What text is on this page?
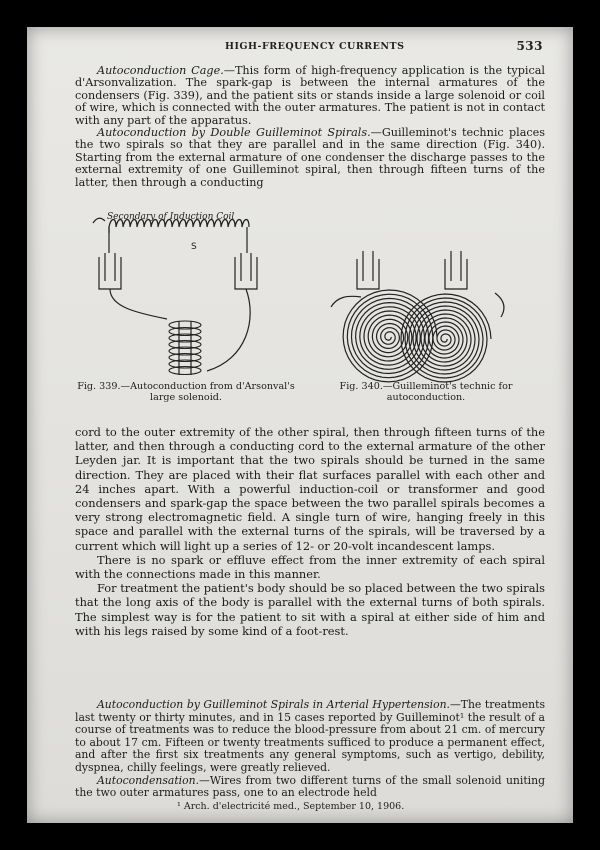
HIGH-FREQUENCY CURRENTS	533

Autoconduction Cage.—This form of high-frequency application is the typical d'Arsonvalization. The spark-gap is between the internal armatures of the condensers (Fig. 339), and the patient sits or stands inside a large solenoid or coil of wire, which is connected with the outer armatures. The patient is not in contact with any part of the apparatus.

Autoconduction by Double Guilleminot Spirals.—Guilleminot's technic places the two spirals so that they are parallel and in the same direction (Fig. 340). Starting from the external armature of one condenser the discharge passes to the external extremity of one Guilleminot spiral, then through fifteen turns of the latter, then through a conducting

S
Secondary of Induction Coil
Fig. 339.—Autoconduction from d'Arsonval's large solenoid.
Fig. 340.—Guilleminot's technic for autoconduction.

cord to the outer extremity of the other spiral, then through fifteen turns of the latter, and then through a conducting cord to the external armature of the other Leyden jar. It is important that the two spirals should be turned in the same direction. They are placed with their flat surfaces parallel with each other and 24 inches apart. With a powerful induction-coil or transformer and good condensers and spark-gap the space between the two parallel spirals becomes a very strong electromagnetic field. A single turn of wire, hanging freely in this space and parallel with the external turns of the spirals, will be traversed by a current which will light up a series of 12- or 20-volt incandescent lamps.

There is no spark or effluve effect from the inner extremity of each spiral with the connections made in this manner.

For treatment the patient's body should be so placed between the two spirals that the long axis of the body is parallel with the external turns of both spirals. The simplest way is for the patient to sit with a spiral at either side of him and with his legs raised by some kind of a foot-rest.

Autoconduction by Guilleminot Spirals in Arterial Hypertension.—The treatments last twenty or thirty minutes, and in 15 cases reported by Guilleminot¹ the result of a course of treatments was to reduce the blood-pressure from about 21 cm. of mercury to about 17 cm. Fifteen or twenty treatments sufficed to produce a permanent effect, and after the first six treatments any general symptoms, such as vertigo, debility, dyspnea, chilly feelings, were greatly relieved.

Autocondensation.—Wires from two different turns of the small solenoid uniting the two outer armatures pass, one to an electrode held

¹ Arch. d'electricité med., September 10, 1906.
